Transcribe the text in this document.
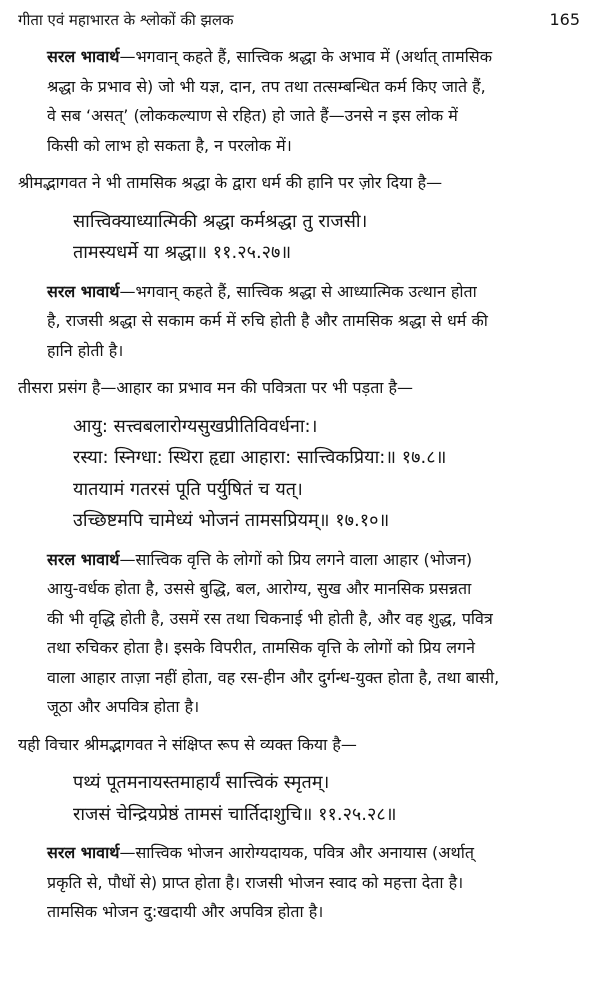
गीता एवं महाभारत के श्लोकों की झलक	165
सरल भावार्थ—भगवान् कहते हैं, सात्त्विक श्रद्धा के अभाव में (अर्थात् तामसिक
श्रद्धा के प्रभाव से) जो भी यज्ञ, दान, तप तथा तत्सम्बन्धित कर्म किए जाते हैं,
वे सब ‘असत्’ (लोककल्याण से रहित) हो जाते हैं—उनसे न इस लोक में
किसी को लाभ हो सकता है, न परलोक में।

श्रीमद्भागवत ने भी तामसिक श्रद्धा के द्वारा धर्म की हानि पर ज़ोर दिया है—

सात्त्विक्याध्यात्मिकी श्रद्धा कर्मश्रद्धा तु राजसी।

तामस्यधर्मे या श्रद्धा॥ ११.२५.२७॥

सरल भावार्थ—भगवान् कहते हैं, सात्त्विक श्रद्धा से आध्यात्मिक उत्थान होता
है, राजसी श्रद्धा से सकाम कर्म में रुचि होती है और तामसिक श्रद्धा से धर्म की
हानि होती है।

तीसरा प्रसंग है—आहार का प्रभाव मन की पवित्रता पर भी पड़ता है—

आयु: सत्त्वबलारोग्यसुखप्रीतिविवर्धना:।

रस्या: स्निग्धा: स्थिरा हृद्या आहारा: सात्त्विकप्रिया:॥ १७.८॥

यातयामं गतरसं पूति पर्युषितं च यत्।

उच्छिष्टमपि चामेध्यं भोजनं तामसप्रियम्॥ १७.१०॥

सरल भावार्थ—सात्त्विक वृत्ति के लोगों को प्रिय लगने वाला आहार (भोजन)
आयु-वर्धक होता है, उससे बुद्धि, बल, आरोग्य, सुख और मानसिक प्रसन्नता
की भी वृद्धि होती है, उसमें रस तथा चिकनाई भी होती है, और वह शुद्ध, पवित्र
तथा रुचिकर होता है। इसके विपरीत, तामसिक वृत्ति के लोगों को प्रिय लगने
वाला आहार ताज़ा नहीं होता, वह रस-हीन और दुर्गन्ध-युक्त होता है, तथा बासी,
जूठा और अपवित्र होता है।

यही विचार श्रीमद्भागवत ने संक्षिप्त रूप से व्यक्त किया है—

पथ्यं पूतमनायस्तमाहार्यं सात्त्विकं स्मृतम्।

राजसं चेन्द्रियप्रेष्ठं तामसं चार्तिदाशुचि॥ ११.२५.२८॥

सरल भावार्थ—सात्त्विक भोजन आरोग्यदायक, पवित्र और अनायास (अर्थात्
प्रकृति से, पौधों से) प्राप्त होता है। राजसी भोजन स्वाद को महत्ता देता है।
तामसिक भोजन दु:खदायी और अपवित्र होता है।
